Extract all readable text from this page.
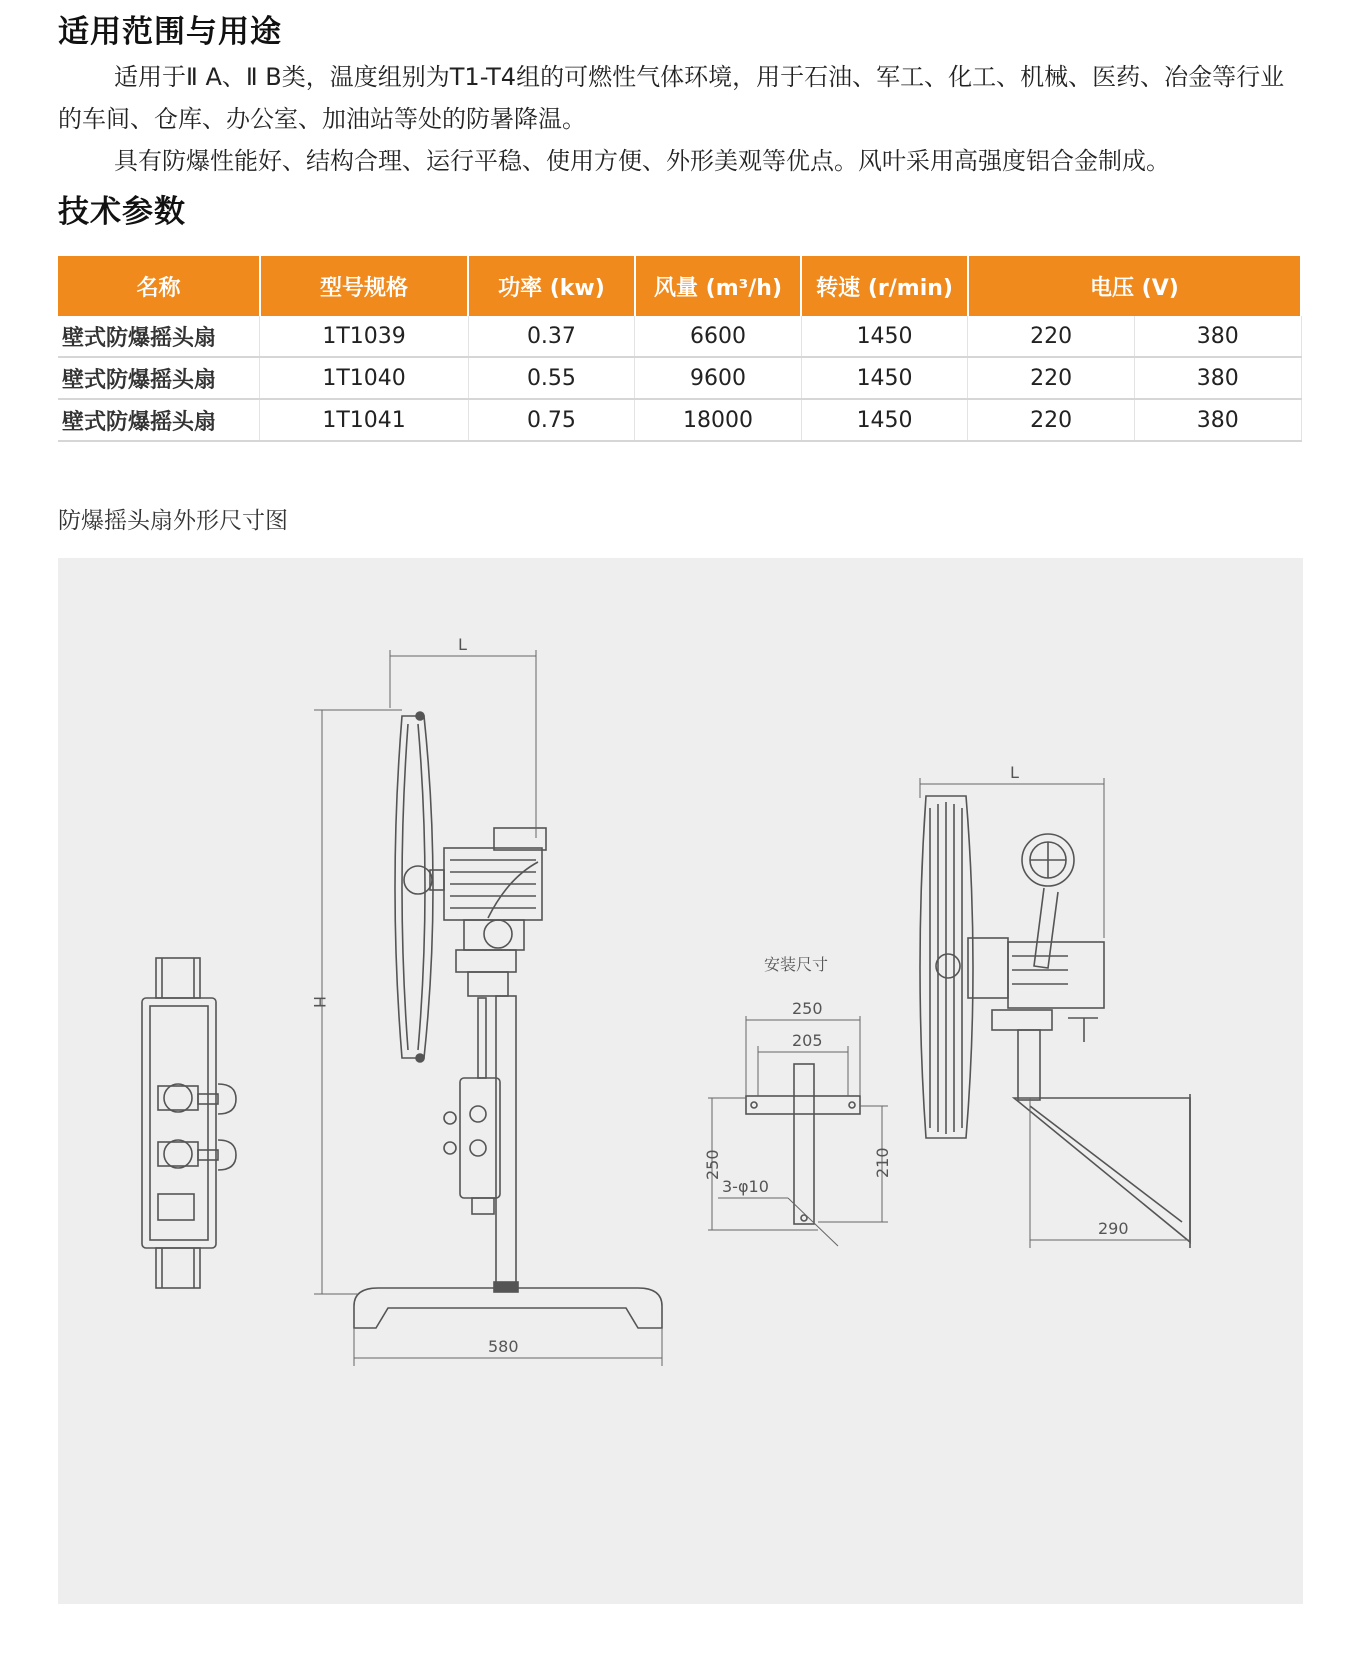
适用范围与用途
适用于Ⅱ A、Ⅱ B类，温度组别为T1-T4组的可燃性气体环境，用于石油、军工、化工、机械、医药、冶金等行业的车间、仓库、办公室、加油站等处的防暑降温。
具有防爆性能好、结构合理、运行平稳、使用方便、外形美观等优点。风叶采用高强度铝合金制成。
技术参数
名称	型号规格	功率 (kw)	风量 (m³/h)	转速 (r/min)	电压 (V)	
壁式防爆摇头扇	1T1039	0.37	6600	1450	220	380
壁式防爆摇头扇	1T1040	0.55	9600	1450	220	380
壁式防爆摇头扇	1T1041	0.75	18000	1450	220	380
防爆摇头扇外形尺寸图
L
H
580
安装尺寸
250
205
250	210
3-φ10
L
290
